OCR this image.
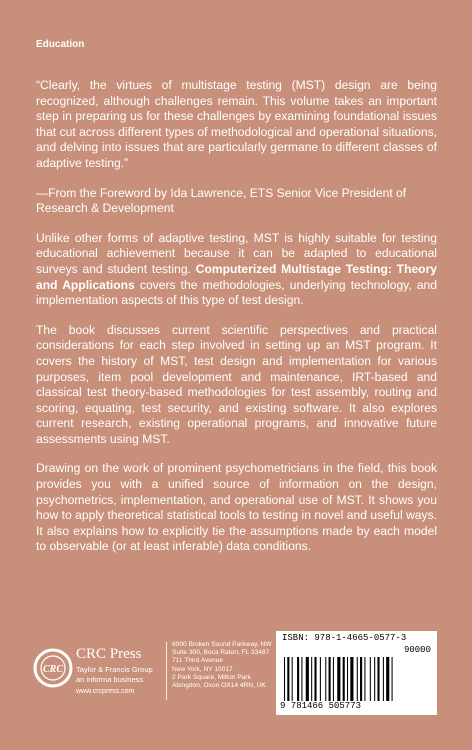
Education

“Clearly, the virtues of multistage testing (MST) design are being recognized, although challenges remain. This volume takes an important step in preparing us for these challenges by examining foundational issues that cut across different types of methodological and operational situations, and delving into issues that are particularly germane to different classes of adaptive testing.”

—From the Foreword by Ida Lawrence, ETS Senior Vice President of
Research & Development

Unlike other forms of adaptive testing, MST is highly suitable for testing educational achievement because it can be adapted to educational surveys and student testing. Computerized Multistage Testing: Theory and Applications covers the methodologies, underlying technology, and implementation aspects of this type of test design.

The book discusses current scientific perspectives and practical considerations for each step involved in setting up an MST program. It covers the history of MST, test design and implementation for various purposes, item pool development and maintenance, IRT-based and classical test theory-based methodologies for test assembly, routing and scoring, equating, test security, and existing software. It also explores current research, existing operational programs, and innovative future assessments using MST.

Drawing on the work of prominent psychometricians in the field, this book provides you with a unified source of information on the design, psychometrics, implementation, and operational use of MST. It shows you how to apply theoretical statistical tools to testing in novel and useful ways. It also explains how to explicitly tie the assumptions made by each model to observable (or at least inferable) data conditions.

CRC
CRC Press
Taylor & Francis Group
an informa business
www.crcpress.com
6000 Broken Sound Parkway, NW
Suite 300, Boca Raton, FL 33487
711 Third Avenue
New York, NY 10017
2 Park Square, Milton Park
Abingdon, Oxon OX14 4RN, UK
ISBN: 978-1-4665-0577-3
90000
9 781466 505773
